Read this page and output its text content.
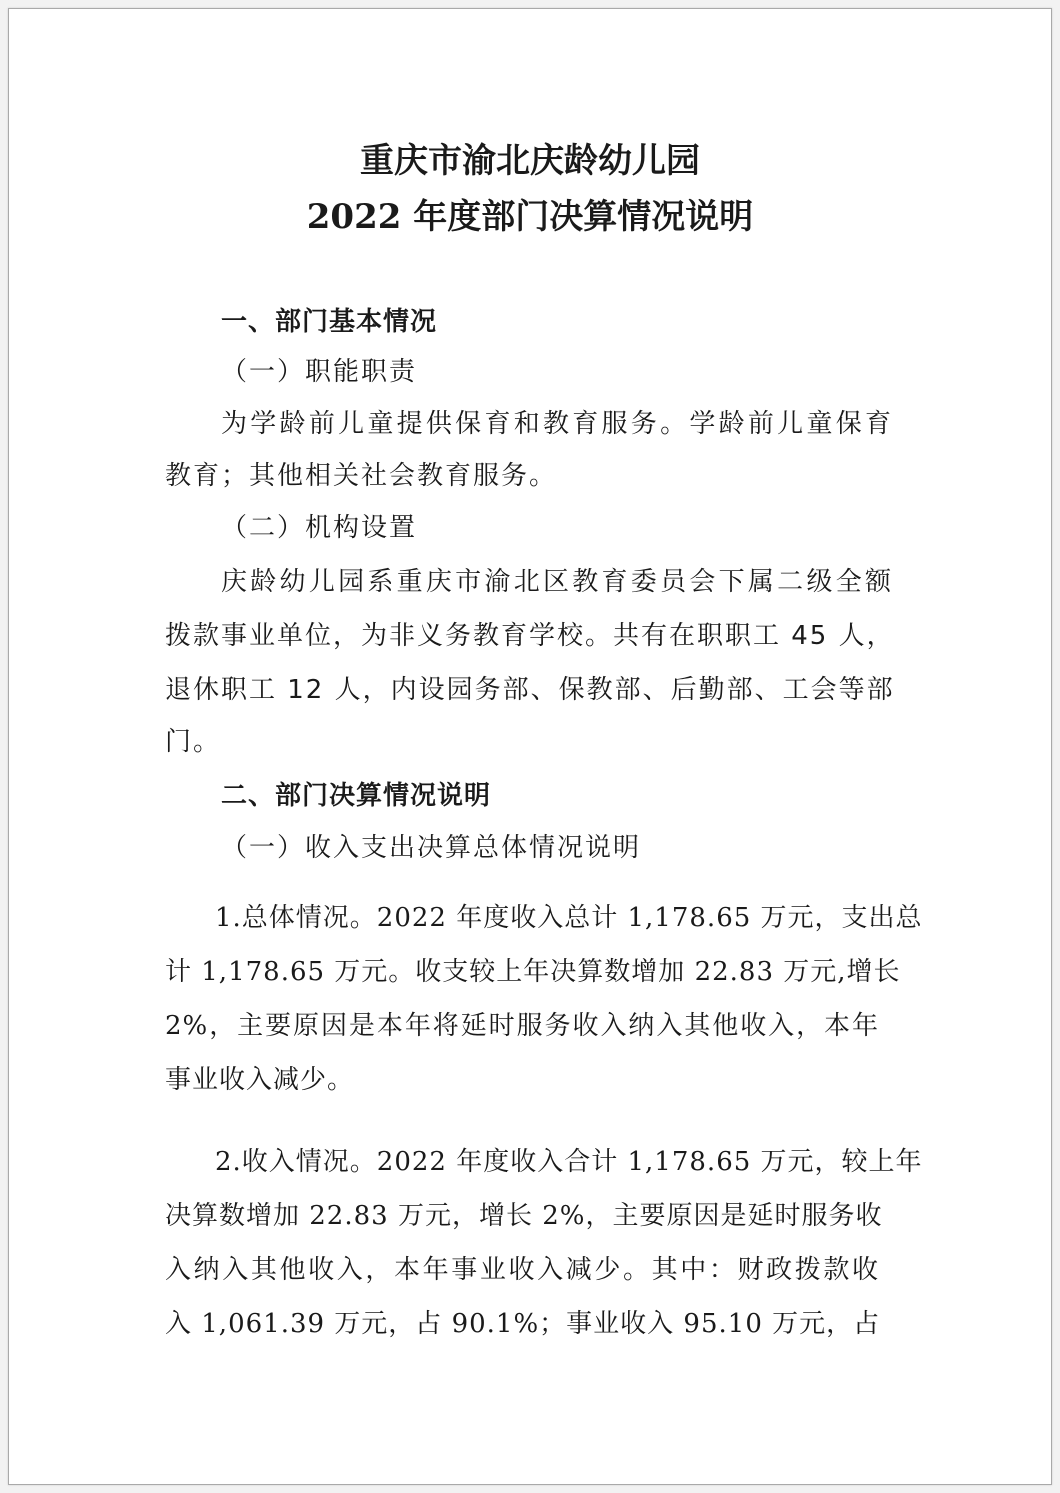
重庆市渝北庆龄幼儿园
2022 年度部门决算情况说明

一、部门基本情况

（一）职能职责

为学龄前儿童提供保育和教育服务。学龄前儿童保育

教育；其他相关社会教育服务。

（二）机构设置

庆龄幼儿园系重庆市渝北区教育委员会下属二级全额

拨款事业单位，为非义务教育学校。共有在职职工 45 人，

退休职工 12 人，内设园务部、保教部、后勤部、工会等部

门。

二、部门决算情况说明

（一）收入支出决算总体情况说明

1.总体情况。2022 年度收入总计 1,178.65 万元，支出总

计 1,178.65 万元。收支较上年决算数增加 22.83 万元,增长

2%，主要原因是本年将延时服务收入纳入其他收入，本年

事业收入减少。

2.收入情况。2022 年度收入合计 1,178.65 万元，较上年

决算数增加 22.83 万元，增长 2%，主要原因是延时服务收

入纳入其他收入，本年事业收入减少。其中：财政拨款收

入 1,061.39 万元，占 90.1%；事业收入 95.10 万元，占
